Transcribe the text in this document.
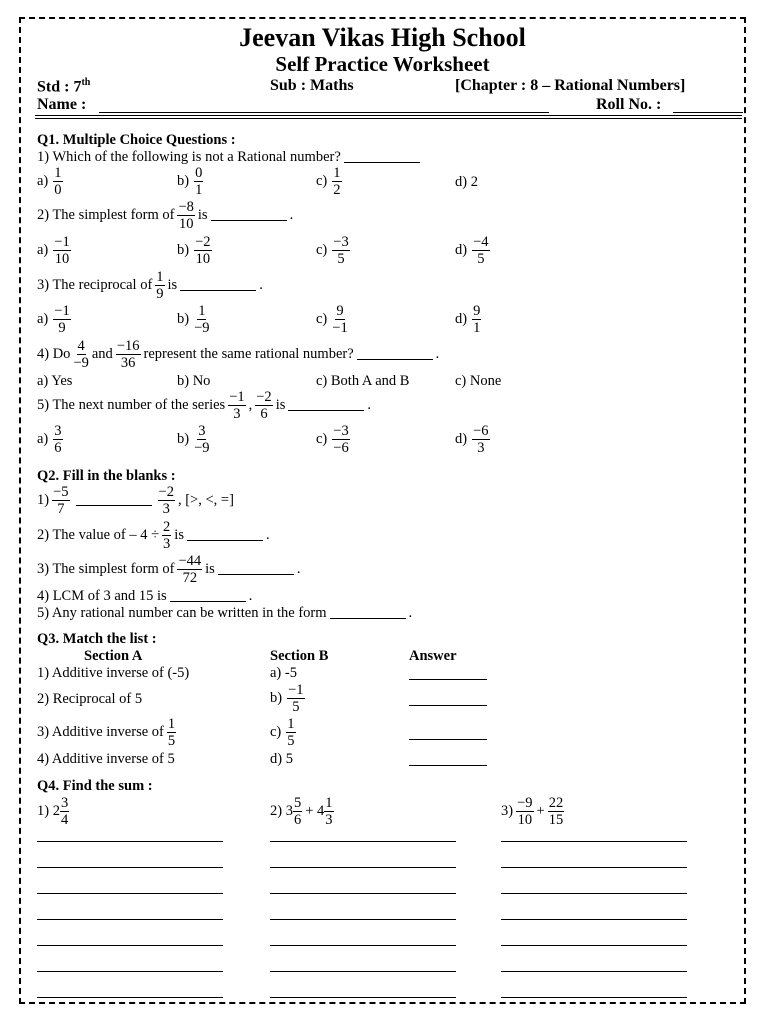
Jeevan Vikas High School
Self Practice Worksheet
Std : 7th	Sub : Maths	[Chapter : 8 – Rational Numbers]
Name :	Roll No. :
Q1. Multiple Choice Questions :
1) Which of the following is not a Rational number?
$a) \frac{1}{0}$	$b) \frac{0}{1}$	$c) \frac{1}{2}$	d) 2
2) The simplest form of $\frac{-8}{10}$ is	.
$a) \frac{-1}{10}$	$b) \frac{-2}{10}$	$c) \frac{-3}{5}$	$d) \frac{-4}{5}$
3) The reciprocal of $\frac{1}{9}$ is	.
$a) \frac{-1}{9}$	$b) \frac{1}{-9}$	$c) \frac{9}{-1}$	$d) \frac{9}{1}$
4) Do $\frac{4}{-9}$ and $\frac{-16}{36}$ represent the same rational number?	.
a) Yes	b) No	c) Both A and B	c) None
5) The next number of the series $\frac{-1}{3}$ , $\frac{-2}{6}$ is	.
$a) \frac{3}{6}$	$b) \frac{3}{-9}$	$c) \frac{-3}{-6}$	$d) \frac{-6}{3}$
Q2. Fill in the blanks :
$1) \frac{-5}{7}$	$\frac{-2}{3}$ , [>, <, =]
2) The value of – $4 \div \frac{2}{3}$ is	.
3) The simplest form of $\frac{-44}{72}$ is	.
4) LCM of 3 and 15 is	.
5) Any rational number can be written in the form	.
Q3. Match the list :
Section A	Section B	Answer
1) Additive inverse of (-5)	a) -5
2) Reciprocal of 5	$b) \frac{-1}{5}$
3) Additive inverse of $\frac{1}{5}$	$c) \frac{1}{5}$
4) Additive inverse of 5	d) 5
Q4. Find the sum :
1) $2 \frac{3}{4}$	2) $3 \frac{5}{6} + 4 \frac{1}{3}$	$3) \frac{-9}{10} + \frac{22}{15}$
